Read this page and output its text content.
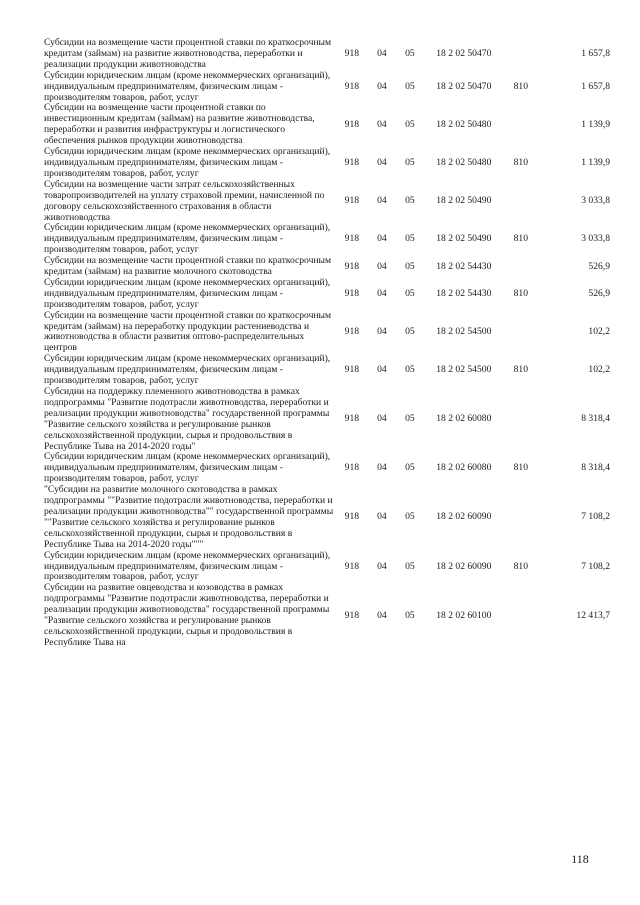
Субсидии на возмещение части процентной ставки по краткосрочным кредитам (займам) на развитие животноводства, переработки и реализации продукции животноводства	918	04	05	18 2 02 50470		1 657,8
Субсидии юридическим лицам (кроме некоммерческих организаций), индивидуальным предпринимателям, физическим лицам - производителям товаров, работ, услуг	918	04	05	18 2 02 50470	810	1 657,8
Субсидии на возмещение части процентной ставки по инвестиционным кредитам (займам) на развитие животноводства, переработки и развития инфраструктуры и логистического обеспечения рынков продукции животноводства	918	04	05	18 2 02 50480		1 139,9
Субсидии юридическим лицам (кроме некоммерческих организаций), индивидуальным предпринимателям, физическим лицам - производителям товаров, работ, услуг	918	04	05	18 2 02 50480	810	1 139,9
Субсидии на возмещение части затрат сельскохозяйственных товаропроизводителей на уплату страховой премии, начисленной по договору сельскохозяйственного страхования в области животноводства	918	04	05	18 2 02 50490		3 033,8
Субсидии юридическим лицам (кроме некоммерческих организаций), индивидуальным предпринимателям, физическим лицам - производителям товаров, работ, услуг	918	04	05	18 2 02 50490	810	3 033,8
Субсидии на возмещение части процентной ставки по краткосрочным кредитам (займам) на развитие молочного скотоводства	918	04	05	18 2 02 54430		526,9
Субсидии юридическим лицам (кроме некоммерческих организаций), индивидуальным предпринимателям, физическим лицам - производителям товаров, работ, услуг	918	04	05	18 2 02 54430	810	526,9
Субсидии на возмещение части процентной ставки по краткосрочным кредитам (займам) на переработку продукции растениеводства и животноводства в области развития оптово-распределительных центров	918	04	05	18 2 02 54500		102,2
Субсидии юридическим лицам (кроме некоммерческих организаций), индивидуальным предпринимателям, физическим лицам - производителям товаров, работ, услуг	918	04	05	18 2 02 54500	810	102,2
Субсидии на поддержку племенного животноводства в рамках подпрограммы "Развитие подотрасли животноводства, переработки и реализации продукции животноводства" государственной программы "Развитие сельского хозяйства и регулирование рынков сельскохозяйственной продукции, сырья и продовольствия в Республике Тыва на 2014-2020 годы"	918	04	05	18 2 02 60080		8 318,4
Субсидии юридическим лицам (кроме некоммерческих организаций), индивидуальным предпринимателям, физическим лицам - производителям товаров, работ, услуг	918	04	05	18 2 02 60080	810	8 318,4
"Субсидии на развитие молочного скотоводства в рамках подпрограммы ""Развитие подотрасли животноводства, переработки и реализации продукции животноводства"" государственной программы ""Развитие сельского хозяйства и регулирование рынков сельскохозяйственной продукции, сырья и продовольствия в Республике Тыва на 2014-2020 годы"""	918	04	05	18 2 02 60090		7 108,2
Субсидии юридическим лицам (кроме некоммерческих организаций), индивидуальным предпринимателям, физическим лицам - производителям товаров, работ, услуг	918	04	05	18 2 02 60090	810	7 108,2
Субсидии на развитие овцеводства и козоводства в рамках подпрограммы "Развитие подотрасли животноводства, переработки и реализации продукции животноводства" государственной программы "Развитие сельского хозяйства и регулирование рынков сельскохозяйственной продукции, сырья и продовольствия в Республике Тыва на	918	04	05	18 2 02 60100		12 413,7
118
